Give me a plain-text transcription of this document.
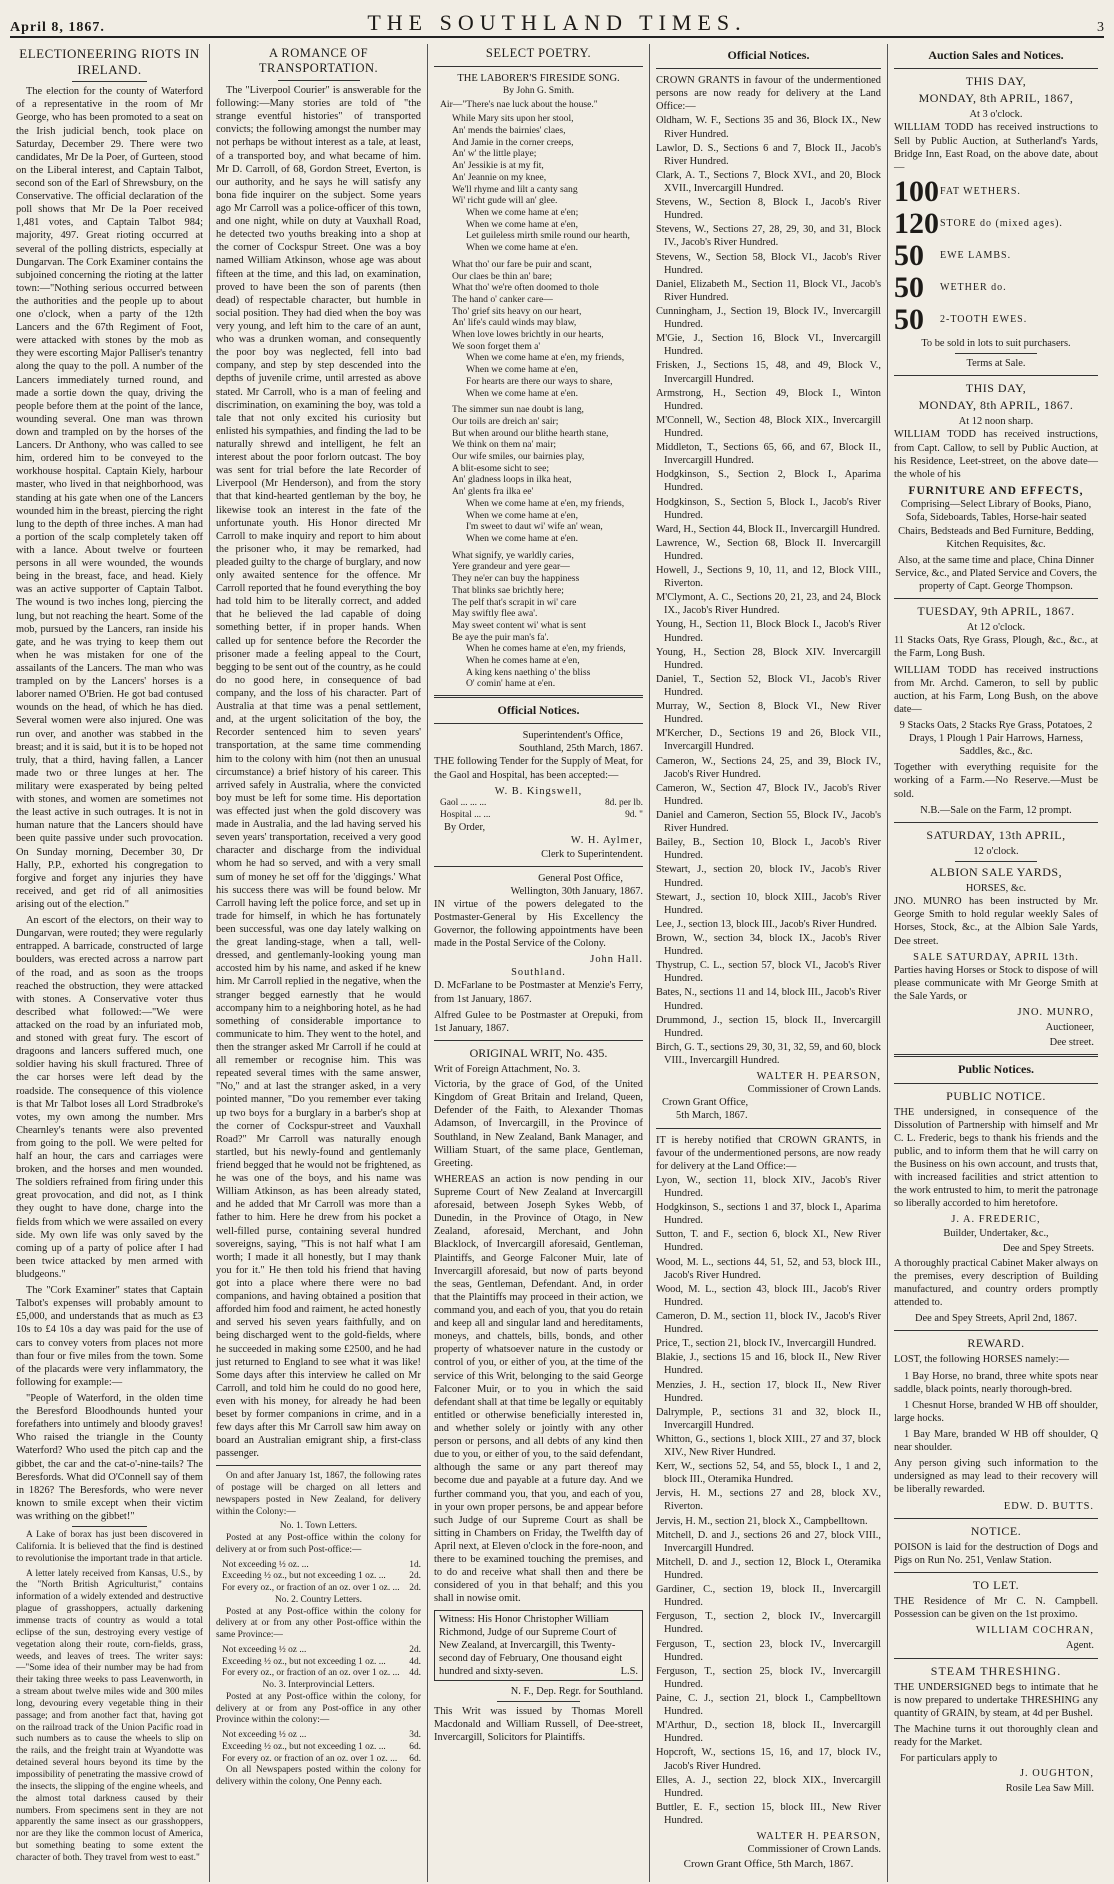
April 8, 1867.	THE SOUTHLAND TIMES.	3
ELECTIONEERING RIOTS IN IRELAND.

The election for the county of Waterford of a representative in the room of Mr George, who has been promoted to a seat on the Irish judicial bench, took place on Saturday, December 29. There were two candidates, Mr De la Poer, of Gurteen, stood on the Liberal interest, and Captain Talbot, second son of the Earl of Shrewsbury, on the Conservative. The official declaration of the poll shows that Mr De la Poer received 1,481 votes, and Captain Talbot 984; majority, 497. Great rioting occurred at several of the polling districts, especially at Dungarvan. The Cork Examiner contains the subjoined concerning the rioting at the latter town:—"Nothing serious occurred between the authorities and the people up to about one o'clock, when a party of the 12th Lancers and the 67th Regiment of Foot, were attacked with stones by the mob as they were escorting Major Palliser's tenantry along the quay to the poll. A number of the Lancers immediately turned round, and made a sortie down the quay, driving the people before them at the point of the lance, wounding several. One man was thrown down and trampled on by the horses of the Lancers. Dr Anthony, who was called to see him, ordered him to be conveyed to the workhouse hospital. Captain Kiely, harbour master, who lived in that neighborhood, was standing at his gate when one of the Lancers wounded him in the breast, piercing the right lung to the depth of three inches. A man had a portion of the scalp completely taken off with a lance. About twelve or fourteen persons in all were wounded, the wounds being in the breast, face, and head. Kiely was an active supporter of Captain Talbot. The wound is two inches long, piercing the lung, but not reaching the heart. Some of the mob, pursued by the Lancers, ran inside his gate, and he was trying to keep them out when he was mistaken for one of the assailants of the Lancers. The man who was trampled on by the Lancers' horses is a laborer named O'Brien. He got bad contused wounds on the head, of which he has died. Several women were also injured. One was run over, and another was stabbed in the breast; and it is said, but it is to be hoped not truly, that a third, having fallen, a Lancer made two or three lunges at her. The military were exasperated by being pelted with stones, and women are sometimes not the least active in such outrages. It is not in human nature that the Lancers should have been quite passive under such provocation. On Sunday morning, December 30, Dr Hally, P.P., exhorted his congregation to forgive and forget any injuries they have received, and get rid of all animosities arising out of the election."

An escort of the electors, on their way to Dungarvan, were routed; they were regularly entrapped. A barricade, constructed of large boulders, was erected across a narrow part of the road, and as soon as the troops reached the obstruction, they were attacked with stones. A Conservative voter thus described what followed:—"We were attacked on the road by an infuriated mob, and stoned with great fury. The escort of dragoons and lancers suffered much, one soldier having his skull fractured. Three of the car horses were left dead by the roadside. The consequence of this violence is that Mr Talbot loses all Lord Stradbroke's votes, my own among the number. Mrs Chearnley's tenants were also prevented from going to the poll. We were pelted for half an hour, the cars and carriages were broken, and the horses and men wounded. The soldiers refrained from firing under this great provocation, and did not, as I think they ought to have done, charge into the fields from which we were assailed on every side. My own life was only saved by the coming up of a party of police after I had been twice attacked by men armed with bludgeons."

The "Cork Examiner" states that Captain Talbot's expenses will probably amount to £5,000, and understands that as much as £3 10s to £4 10s a day was paid for the use of cars to convey voters from places not more than four or five miles from the town. Some of the placards were very inflammatory, the following for example:—

"People of Waterford, in the olden time the Beresford Bloodhounds hunted your forefathers into untimely and bloody graves! Who raised the triangle in the County Waterford? Who used the pitch cap and the gibbet, the car and the cat-o'-nine-tails? The Beresfords. What did O'Connell say of them in 1826? The Beresfords, who were never known to smile except when their victim was writhing on the gibbet!"

A Lake of borax has just been discovered in California. It is believed that the find is destined to revolutionise the important trade in that article.

A letter lately received from Kansas, U.S., by the "North British Agriculturist," contains information of a widely extended and destructive plague of grasshoppers, actually darkening immense tracts of country as would a total eclipse of the sun, destroying every vestige of vegetation along their route, corn-fields, grass, weeds, and leaves of trees. The writer says:—"Some idea of their number may be had from their taking three weeks to pass Leavenworth, in a stream about twelve miles wide and 300 miles long, devouring every vegetable thing in their passage; and from another fact that, having got on the railroad track of the Union Pacific road in such numbers as to cause the wheels to slip on the rails, and the freight train at Wyandotte was detained several hours beyond its time by the impossibility of penetrating the massive crowd of the insects, the slipping of the engine wheels, and the almost total darkness caused by their numbers. From specimens sent in they are not apparently the same insect as our grasshoppers, nor are they like the common locust of America, but something beating to some extent the character of both. They travel from west to east."

A ROMANCE OF TRANSPORTATION.

The "Liverpool Courier" is answerable for the following:—Many stories are told of "the strange eventful histories" of transported convicts; the following amongst the number may not perhaps be without interest as a tale, at least, of a transported boy, and what became of him. Mr D. Carroll, of 68, Gordon Street, Everton, is our authority, and he says he will satisfy any bona fide inquirer on the subject. Some years ago Mr Carroll was a police-officer of this town, and one night, while on duty at Vauxhall Road, he detected two youths breaking into a shop at the corner of Cockspur Street. One was a boy named William Atkinson, whose age was about fifteen at the time, and this lad, on examination, proved to have been the son of parents (then dead) of respectable character, but humble in social position. They had died when the boy was very young, and left him to the care of an aunt, who was a drunken woman, and consequently the poor boy was neglected, fell into bad company, and step by step descended into the depths of juvenile crime, until arrested as above stated. Mr Carroll, who is a man of feeling and discrimination, on examining the boy, was told a tale that not only excited his curiosity but enlisted his sympathies, and finding the lad to be naturally shrewd and intelligent, he felt an interest about the poor forlorn outcast. The boy was sent for trial before the late Recorder of Liverpool (Mr Henderson), and from the story that that kind-hearted gentleman by the boy, he likewise took an interest in the fate of the unfortunate youth. His Honor directed Mr Carroll to make inquiry and report to him about the prisoner who, it may be remarked, had pleaded guilty to the charge of burglary, and now only awaited sentence for the offence. Mr Carroll reported that he found everything the boy had told him to be literally correct, and added that he believed the lad capable of doing something better, if in proper hands. When called up for sentence before the Recorder the prisoner made a feeling appeal to the Court, begging to be sent out of the country, as he could do no good here, in consequence of bad company, and the loss of his character. Part of Australia at that time was a penal settlement, and, at the urgent solicitation of the boy, the Recorder sentenced him to seven years' transportation, at the same time commending him to the colony with him (not then an unusual circumstance) a brief history of his career. This arrived safely in Australia, where the convicted boy must be left for some time. His deportation was effected just when the gold discovery was made in Australia, and the lad having served his seven years' transportation, received a very good character and discharge from the individual whom he had so served, and with a very small sum of money he set off for the 'diggings.' What his success there was will be found below. Mr Carroll having left the police force, and set up in trade for himself, in which he has fortunately been successful, was one day lately walking on the great landing-stage, when a tall, well-dressed, and gentlemanly-looking young man accosted him by his name, and asked if he knew him. Mr Carroll replied in the negative, when the stranger begged earnestly that he would accompany him to a neighboring hotel, as he had something of considerable importance to communicate to him. They went to the hotel, and then the stranger asked Mr Carroll if he could at all remember or recognise him. This was repeated several times with the same answer, "No," and at last the stranger asked, in a very pointed manner, "Do you remember ever taking up two boys for a burglary in a barber's shop at the corner of Cockspur-street and Vauxhall Road?" Mr Carroll was naturally enough startled, but his newly-found and gentlemanly friend begged that he would not be frightened, as he was one of the boys, and his name was William Atkinson, as has been already stated, and he added that Mr Carroll was more than a father to him. Here he drew from his pocket a well-filled purse, containing several hundred sovereigns, saying, "This is not half what I am worth; I made it all honestly, but I may thank you for it." He then told his friend that having got into a place where there were no bad companions, and having obtained a position that afforded him food and raiment, he acted honestly and served his seven years faithfully, and on being discharged went to the gold-fields, where he succeeded in making some £2500, and he had just returned to England to see what it was like! Some days after this interview he called on Mr Carroll, and told him he could do no good here, even with his money, for already he had been beset by former companions in crime, and in a few days after this Mr Carroll saw him away on board an Australian emigrant ship, a first-class passenger.

On and after January 1st, 1867, the following rates of postage will be charged on all letters and newspapers posted in New Zealand, for delivery within the Colony:—

No. 1. Town Letters.

Posted at any Post-office within the colony for delivery at or from such Post-office:—

Not exceeding ½ oz. ...	1d.
Exceeding ½ oz., but not exceeding 1 oz. ...	2d.
For every oz., or fraction of an oz. over 1 oz. ... 2d.
No. 2. Country Letters.

Posted at any Post-office within the colony for delivery at or from any other Post-office within the same Province:—

Not exceeding ½ oz ...	2d.
Exceeding ½ oz., but not exceeding 1 oz. ...	4d.
For every oz., or fraction of an oz. over 1 oz. ... 4d.
No. 3. Interprovincial Letters.

Posted at any Post-office within the colony, for delivery at or from any Post-office in any other Province within the colony:—

Not exceeding ½ oz ...	3d.
Exceeding ½ oz., but not exceeding 1 oz. ...	6d.
For every oz. or fraction of an oz. over 1 oz. ... 6d.

On all Newspapers posted within the colony for delivery within the colony, One Penny each.

SELECT POETRY.
THE LABORER'S FIRESIDE SONG.
By John G. Smith.
Air—"There's nae luck about the house."

While Mary sits upon her stool,

An' mends the bairnies' claes,

And Jamie in the corner creeps,

An' w' the little playe;

An' Jessikie is at my fit,

An' Jeannie on my knee,

We'll rhyme and lilt a canty sang

Wi' richt gude will an' glee.

When we come hame at e'en;

When we come hame at e'en,

Let guileless mirth smile round our hearth,

When we come hame at e'en.

What tho' our fare be puir and scant,

Our claes be thin an' bare;

What tho' we're often doomed to thole

The hand o' canker care—

Tho' grief sits heavy on our heart,

An' life's cauld winds may blaw,

When love lowes brichtly in our hearts,

We soon forget them a'

When we come hame at e'en, my friends,

When we come hame at e'en,

For hearts are there our ways to share,

When we come hame at e'en.

The simmer sun nae doubt is lang,

Our toils are dreich an' sair;

But when around our blithe hearth stane,

We think on them na' mair;

Our wife smiles, our bairnies play,

A blit-esome sicht to see;

An' gladness loops in ilka heat,

An' glents fra ilka ee'

When we come hame at e'en, my friends,

When we come hame at e'en,

I'm sweet to daut wi' wife an' wean,

When we come hame at e'en.

What signify, ye warldly caries,

Yere grandeur and yere gear—

They ne'er can buy the happiness

That blinks sae brichtly here;

The pelf that's scrapit in wi' care

May swiftly flee awa'.

May sweet content wi' what is sent

Be aye the puir man's fa'.

When he comes hame at e'en, my friends,

When he comes hame at e'en,

A king kens naething o' the bliss

O' comin' hame at e'en.

Official Notices.
Superintendent's Office,
Southland, 25th March, 1867.

THE following Tender for the Supply of Meat, for the Gaol and Hospital, has been accepted:—

W. B. Kingswell,
Gaol ... ... ...	8d. per lb.
Hospital ... ...	9d. "
By Order,
W. H. Aylmer,
Clerk to Superintendent.
General Post Office,
Wellington, 30th January, 1867.

IN virtue of the powers delegated to the Postmaster-General by His Excellency the Governor, the following appointments have been made in the Postal Service of the Colony.

John Hall.
Southland.

D. McFarlane to be Postmaster at Menzie's Ferry, from 1st January, 1867.

Alfred Gulee to be Postmaster at Orepuki, from 1st January, 1867.

ORIGINAL WRIT, No. 435.
Writ of Foreign Attachment, No. 3.

Victoria, by the grace of God, of the United Kingdom of Great Britain and Ireland, Queen, Defender of the Faith, to Alexander Thomas Adamson, of Invercargill, in the Province of Southland, in New Zealand, Bank Manager, and William Stuart, of the same place, Gentleman, Greeting.

WHEREAS an action is now pending in our Supreme Court of New Zealand at Invercargill aforesaid, between Joseph Sykes Webb, of Dunedin, in the Province of Otago, in New Zealand, aforesaid, Merchant, and John Blacklock, of Invercargill aforesaid, Gentleman, Plaintiffs, and George Falconer Muir, late of Invercargill aforesaid, but now of parts beyond the seas, Gentleman, Defendant. And, in order that the Plaintiffs may proceed in their action, we command you, and each of you, that you do retain and keep all and singular land and hereditaments, moneys, and chattels, bills, bonds, and other property of whatsoever nature in the custody or control of you, or either of you, at the time of the service of this Writ, belonging to the said George Falconer Muir, or to you in which the said defendant shall at that time be legally or equitably entitled or otherwise beneficially interested in, and whether solely or jointly with any other person or persons, and all debts of any kind then due to you, or either of you, to the said defendant, although the same or any part thereof may become due and payable at a future day. And we further command you, that you, and each of you, in your own proper persons, be and appear before such Judge of our Supreme Court as shall be sitting in Chambers on Friday, the Twelfth day of April next, at Eleven o'clock in the fore-noon, and there to be examined touching the premises, and to do and receive what shall then and there be considered of you in that behalf; and this you shall in nowise omit.

Witness: His Honor Christopher William Richmond, Judge of our Supreme Court of New Zealand, at Invercargill, this Twenty-second day of February, One thousand eight hundred and sixty-seven.	L.S.
N. F., Dep. Regr. for Southland.

This Writ was issued by Thomas Morell Macdonald and William Russell, of Dee-street, Invercargill, Solicitors for Plaintiffs.

Official Notices.

CROWN GRANTS in favour of the undermentioned persons are now ready for delivery at the Land Office:—

Oldham, W. F., Sections 35 and 36, Block IX., New River Hundred.

Lawlor, D. S., Sections 6 and 7, Block II., Jacob's River Hundred.

Clark, A. T., Sections 7, Block XVI., and 20, Block XVII., Invercargill Hundred.

Stevens, W., Section 8, Block I., Jacob's River Hundred.

Stevens, W., Sections 27, 28, 29, 30, and 31, Block IV., Jacob's River Hundred.

Stevens, W., Section 58, Block VI., Jacob's River Hundred.

Daniel, Elizabeth M., Section 11, Block VI., Jacob's River Hundred.

Cunningham, J., Section 19, Block IV., Invercargill Hundred.

M'Gie, J., Section 16, Block VI., Invercargill Hundred.

Frisken, J., Sections 15, 48, and 49, Block V., Invercargill Hundred.

Armstrong, H., Section 49, Block I., Winton Hundred.

M'Connell, W., Section 48, Block XIX., Invercargill Hundred.

Middleton, T., Sections 65, 66, and 67, Block II., Invercargill Hundred.

Hodgkinson, S., Section 2, Block I., Aparima Hundred.

Hodgkinson, S., Section 5, Block I., Jacob's River Hundred.

Ward, H., Section 44, Block II., Invercargill Hundred.

Lawrence, W., Section 68, Block II. Invercargill Hundred.

Howell, J., Sections 9, 10, 11, and 12, Block VIII., Riverton.

M'Clymont, A. C., Sections 20, 21, 23, and 24, Block IX., Jacob's River Hundred.

Young, H., Section 11, Block Block I., Jacob's River Hundred.

Young, H., Section 28, Block XIV. Invercargill Hundred.

Daniel, T., Section 52, Block VI., Jacob's River Hundred.

Murray, W., Section 8, Block VI., New River Hundred.

M'Kercher, D., Sections 19 and 26, Block VII., Invercargill Hundred.

Cameron, W., Sections 24, 25, and 39, Block IV., Jacob's River Hundred.

Cameron, W., Section 47, Block IV., Jacob's River Hundred.

Daniel and Cameron, Section 55, Block IV., Jacob's River Hundred.

Bailey, B., Section 10, Block I., Jacob's River Hundred.

Stewart, J., section 20, block IV., Jacob's River Hundred.

Stewart, J., section 10, block XIII., Jacob's River Hundred.

Lee, J., section 13, block III., Jacob's River Hundred.

Brown, W., section 34, block IX., Jacob's River Hundred.

Thystrup, C. L., section 57, block VI., Jacob's River Hundred.

Bates, N., sections 11 and 14, block III., Jacob's River Hundred.

Drummond, J., section 15, block II., Invercargill Hundred.

Birch, G. T., sections 29, 30, 31, 32, 59, and 60, block VIII., Invercargill Hundred.

WALTER H. PEARSON,
Commissioner of Crown Lands.
Crown Grant Office,
5th March, 1867.

IT is hereby notified that CROWN GRANTS, in favour of the undermentioned persons, are now ready for delivery at the Land Office:—

Lyon, W., section 11, block XIV., Jacob's River Hundred.

Hodgkinson, S., sections 1 and 37, block I., Aparima Hundred.

Sutton, T. and F., section 6, block XI., New River Hundred.

Wood, M. L., sections 44, 51, 52, and 53, block III., Jacob's River Hundred.

Wood, M. L., section 43, block III., Jacob's River Hundred.

Cameron, D. M., section 11, block IV., Jacob's River Hundred.

Price, T., section 21, block IV., Invercargill Hundred.

Blakie, J., sections 15 and 16, block II., New River Hundred.

Menzies, J. H., section 17, block II., New River Hundred.

Dalrymple, P., sections 31 and 32, block II., Invercargill Hundred.

Whitton, G., sections 1, block XIII., 27 and 37, block XIV., New River Hundred.

Kerr, W., sections 52, 54, and 55, block I., 1 and 2, block III., Oteramika Hundred.

Jervis, H. M., sections 27 and 28, block XV., Riverton.

Jervis, H. M., section 21, block X., Campbelltown.

Mitchell, D. and J., sections 26 and 27, block VIII., Invercargill Hundred.

Mitchell, D. and J., section 12, Block I., Oteramika Hundred.

Gardiner, C., section 19, block II., Invercargill Hundred.

Ferguson, T., section 2, block IV., Invercargill Hundred.

Ferguson, T., section 23, block IV., Invercargill Hundred.

Ferguson, T., section 25, block IV., Invercargill Hundred.

Paine, C. J., section 21, block I., Campbelltown Hundred.

M'Arthur, D., section 18, block II., Invercargill Hundred.

Hopcroft, W., sections 15, 16, and 17, block IV., Jacob's River Hundred.

Elles, A. J., section 22, block XIX., Invercargill Hundred.

Buttler, E. F., section 15, block III., New River Hundred.

WALTER H. PEARSON,
Commissioner of Crown Lands.
Crown Grant Office, 5th March, 1867.
Auction Sales and Notices.
THIS DAY,
MONDAY, 8th APRIL, 1867,
At 3 o'clock.

WILLIAM TODD has received instructions to Sell by Public Auction, at Sutherland's Yards, Bridge Inn, East Road, on the above date, about—

100 FAT WETHERS.
120 STORE do (mixed ages).
50	EWE LAMBS.
50	WETHER do.
50	2-TOOTH EWES.
To be sold in lots to suit purchasers.
Terms at Sale.
THIS DAY,
MONDAY, 8th APRIL, 1867.
At 12 noon sharp.

WILLIAM TODD has received instructions, from Capt. Callow, to sell by Public Auction, at his Residence, Leet-street, on the above date—the whole of his

FURNITURE AND EFFECTS,

Comprising—Select Library of Books, Piano, Sofa, Sideboards, Tables, Horse-hair seated Chairs, Bedsteads and Bed Furniture, Bedding, Kitchen Requisites, &c.

Also, at the same time and place, China Dinner Service, &c., and Plated Service and Covers, the property of Capt. George Thompson.

TUESDAY, 9th APRIL, 1867.
At 12 o'clock.

11 Stacks Oats, Rye Grass, Plough, &c., &c., at the Farm, Long Bush.

WILLIAM TODD has received instructions from Mr. Archd. Cameron, to sell by public auction, at his Farm, Long Bush, on the above date—

9 Stacks Oats, 2 Stacks Rye Grass, Potatoes, 2 Drays, 1 Plough 1 Pair Harrows, Harness, Saddles, &c., &c.

Together with everything requisite for the working of a Farm.—No Reserve.—Must be sold.

N.B.—Sale on the Farm, 12 prompt.
SATURDAY, 13th APRIL,
12 o'clock.
ALBION SALE YARDS,
HORSES, &c.

JNO. MUNRO has been instructed by Mr. George Smith to hold regular weekly Sales of Horses, Stock, &c., at the Albion Sale Yards, Dee street.

SALE SATURDAY, APRIL 13th.

Parties having Horses or Stock to dispose of will please communicate with Mr George Smith at the Sale Yards, or

JNO. MUNRO,
Auctioneer,
Dee street.
Public Notices.
PUBLIC NOTICE.

THE undersigned, in consequence of the Dissolution of Partnership with himself and Mr C. L. Frederic, begs to thank his friends and the public, and to inform them that he will carry on the Business on his own account, and trusts that, with increased facilities and strict attention to the work entrusted to him, to merit the patronage so liberally accorded to him heretofore.

J. A. FREDERIC,
Builder, Undertaker, &c.,
Dee and Spey Streets.

A thoroughly practical Cabinet Maker always on the premises, every description of Building manufactured, and country orders promptly attended to.

Dee and Spey Streets, April 2nd, 1867.
REWARD.

LOST, the following HORSES namely:—

1 Bay Horse, no brand, three white spots near saddle, black points, nearly thorough-bred.

1 Chesnut Horse, branded W HB off shoulder, large hocks.

1 Bay Mare, branded W HB off shoulder, Q near shoulder.

Any person giving such information to the undersigned as may lead to their recovery will be liberally rewarded.

EDW. D. BUTTS.
NOTICE.

POISON is laid for the destruction of Dogs and Pigs on Run No. 251, Venlaw Station.

TO LET.

THE Residence of Mr C. N. Campbell. Possession can be given on the 1st proximo.

WILLIAM COCHRAN,
Agent.
STEAM THRESHING.

THE UNDERSIGNED begs to intimate that he is now prepared to undertake THRESHING any quantity of GRAIN, by steam, at 4d per Bushel.

The Machine turns it out thoroughly clean and ready for the Market.

For particulars apply to
J. OUGHTON,
Rosile Lea Saw Mill.
